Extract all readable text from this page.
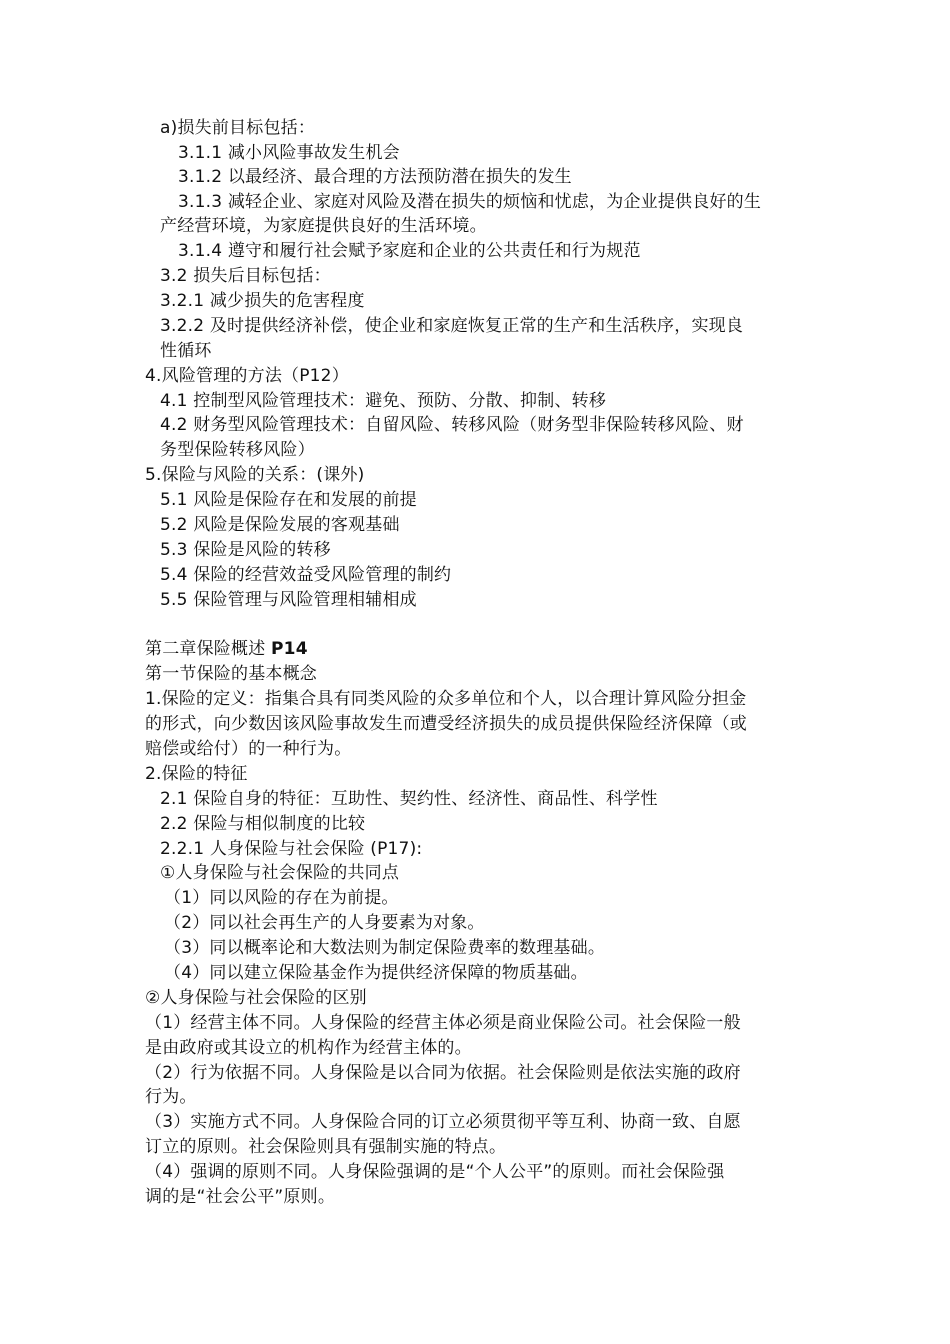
a)损失前目标包括：
3.1.1 减小风险事故发生机会
3.1.2 以最经济、最合理的方法预防潜在损失的发生
3.1.3 减轻企业、家庭对风险及潜在损失的烦恼和忧虑，为企业提供良好的生
产经营环境，为家庭提供良好的生活环境。
3.1.4 遵守和履行社会赋予家庭和企业的公共责任和行为规范
3.2 损失后目标包括：
3.2.1 减少损失的危害程度
3.2.2 及时提供经济补偿，使企业和家庭恢复正常的生产和生活秩序，实现良
性循环
4.风险管理的方法（P12）
4.1 控制型风险管理技术：避免、预防、分散、抑制、转移
4.2 财务型风险管理技术：自留风险、转移风险（财务型非保险转移风险、财
务型保险转移风险）
5.保险与风险的关系：(课外)
5.1 风险是保险存在和发展的前提
5.2 风险是保险发展的客观基础
5.3 保险是风险的转移
5.4 保险的经营效益受风险管理的制约
5.5 保险管理与风险管理相辅相成
第二章保险概述 P14
第一节保险的基本概念
1.保险的定义：指集合具有同类风险的众多单位和个人，以合理计算风险分担金
的形式，向少数因该风险事故发生而遭受经济损失的成员提供保险经济保障（或
赔偿或给付）的一种行为。
2.保险的特征
2.1 保险自身的特征：互助性、契约性、经济性、商品性、科学性
2.2 保险与相似制度的比较
2.2.1 人身保险与社会保险 (P17):
①人身保险与社会保险的共同点
（1）同以风险的存在为前提。
（2）同以社会再生产的人身要素为对象。
（3）同以概率论和大数法则为制定保险费率的数理基础。
（4）同以建立保险基金作为提供经济保障的物质基础。
②人身保险与社会保险的区别
（1）经营主体不同。人身保险的经营主体必须是商业保险公司。社会保险一般
是由政府或其设立的机构作为经营主体的。
（2）行为依据不同。人身保险是以合同为依据。社会保险则是依法实施的政府
行为。
（3）实施方式不同。人身保险合同的订立必须贯彻平等互利、协商一致、自愿
订立的原则。社会保险则具有强制实施的特点。
（4）强调的原则不同。人身保险强调的是“个人公平”的原则。而社会保险强
调的是“社会公平”原则。
